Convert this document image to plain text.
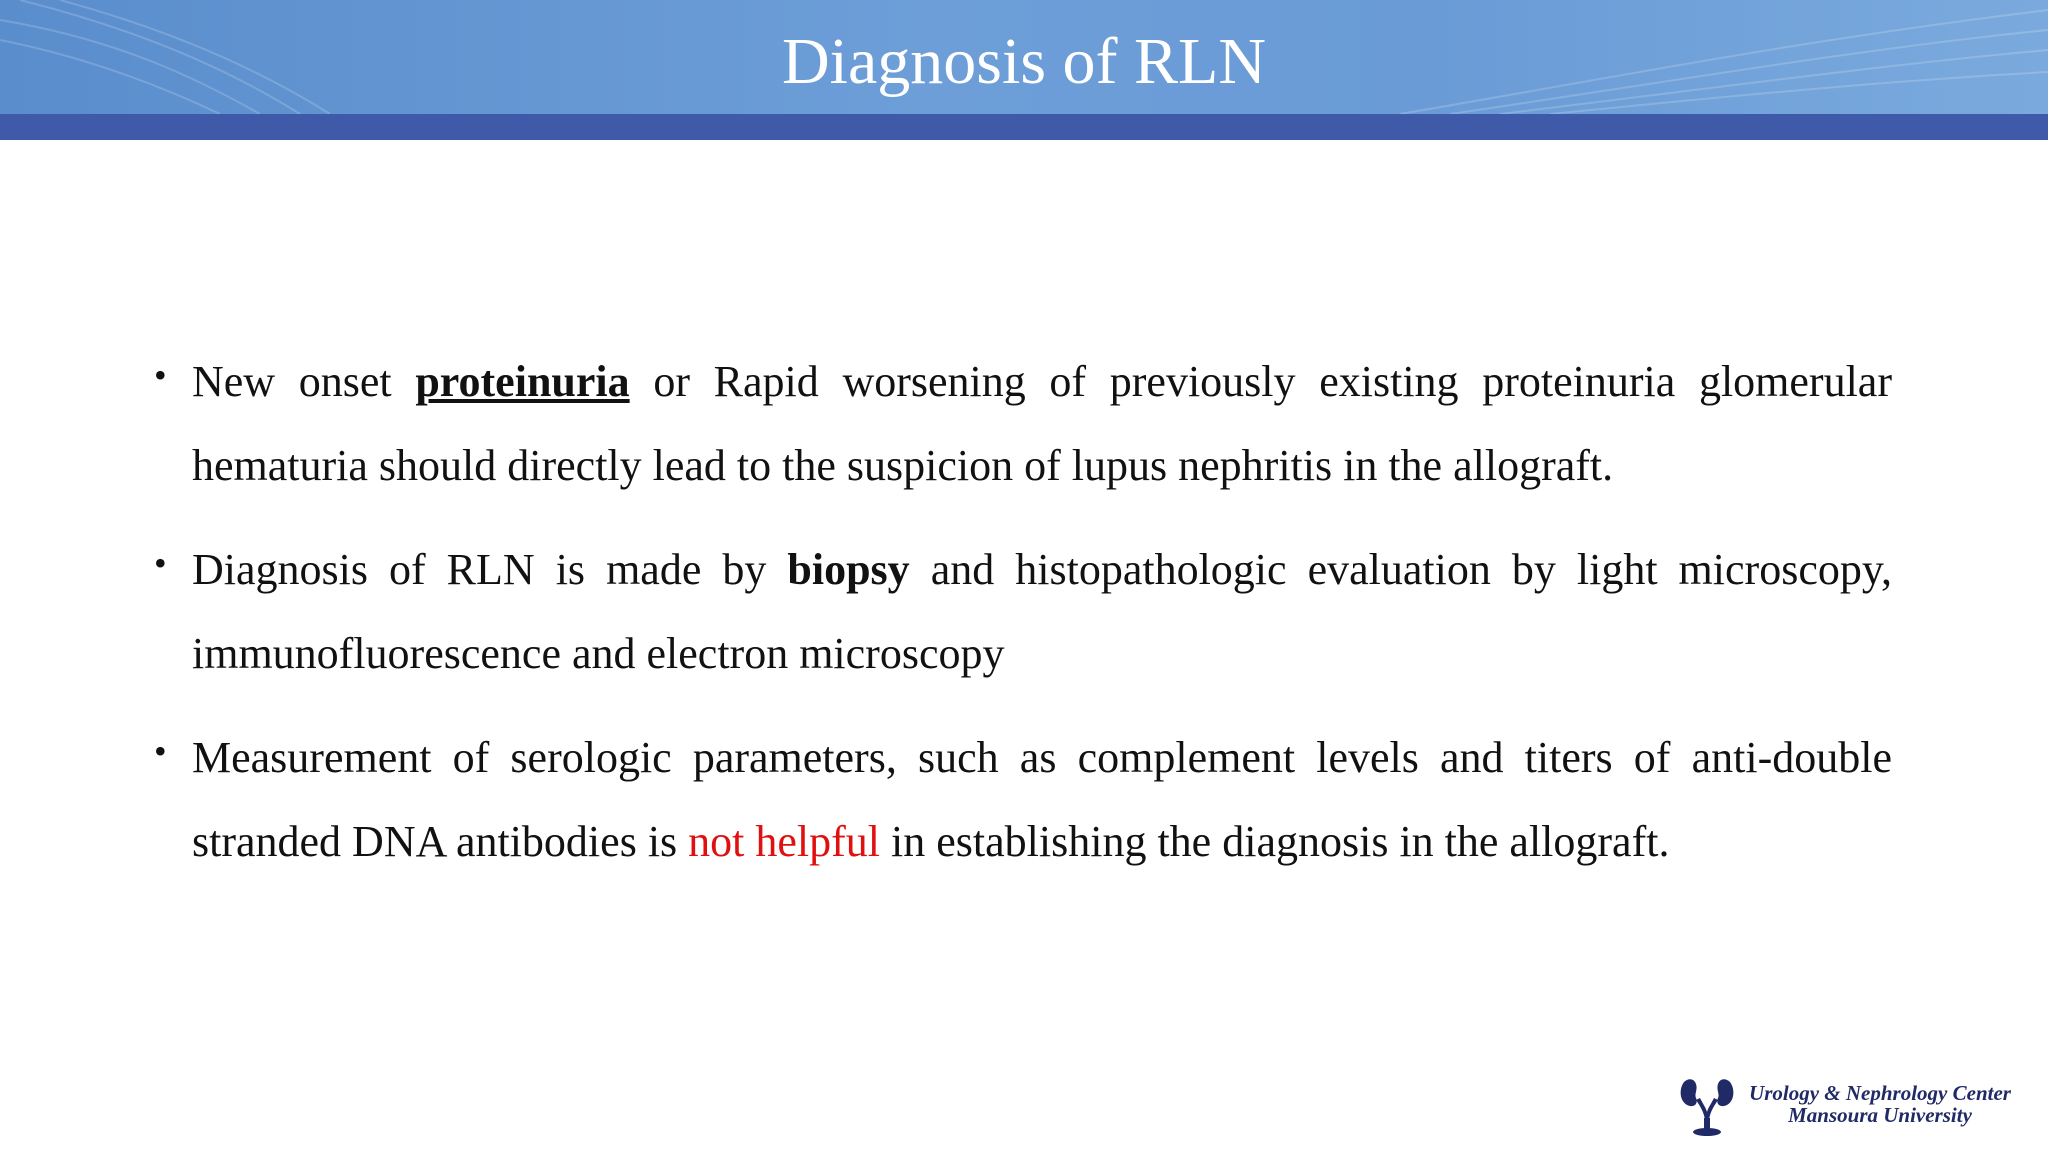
Diagnosis of RLN
• New onset proteinuria or Rapid worsening of previously existing proteinuria glomerular hematuria should directly lead to the suspicion of lupus nephritis in the allograft.
• Diagnosis of RLN is made by biopsy and histopathologic evaluation by light microscopy, immunofluorescence and electron microscopy
• Measurement of serologic parameters, such as complement levels and titers of anti-double stranded DNA antibodies is not helpful in establishing the diagnosis in the allograft.
Urology & Nephrology Center
Mansoura University
